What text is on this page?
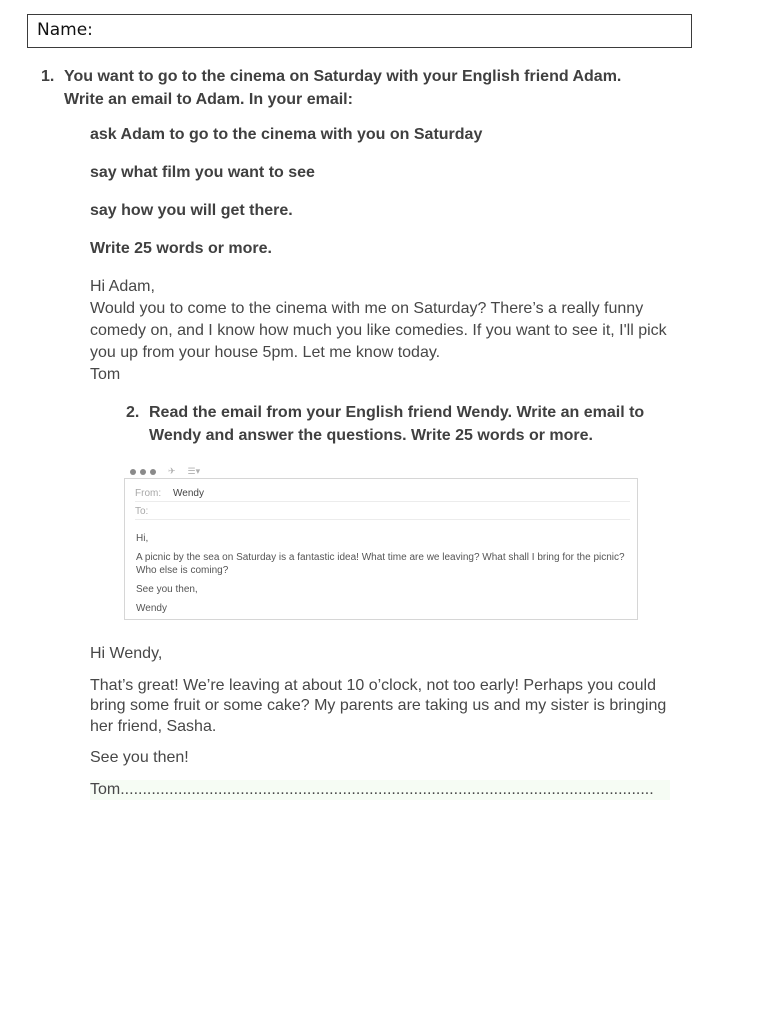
Name:
1. You want to go to the cinema on Saturday with your English friend Adam. Write an email to Adam. In your email:

ask Adam to go to the cinema with you on Saturday

say what film you want to see

say how you will get there.

Write 25 words or more.

Hi Adam,

Would you to come to the cinema with me on Saturday? There’s a really funny comedy on, and I know how much you like comedies. If you want to see it, I'll pick you up from your house 5pm. Let me know today.

Tom

2. Read the email from your English friend Wendy. Write an email to Wendy and answer the questions. Write 25 words or more.
✈ ☰▾
From: Wendy
To:

Hi,

A picnic by the sea on Saturday is a fantastic idea! What time are we leaving? What shall I bring for the picnic? Who else is coming?

See you then,

Wendy

Hi Wendy,

That’s great! We’re leaving at about 10 o’clock, not too early! Perhaps you could bring some fruit or some cake? My parents are taking us and my sister is bringing her friend, Sasha.

See you then!

Tom........................................................................................................................
